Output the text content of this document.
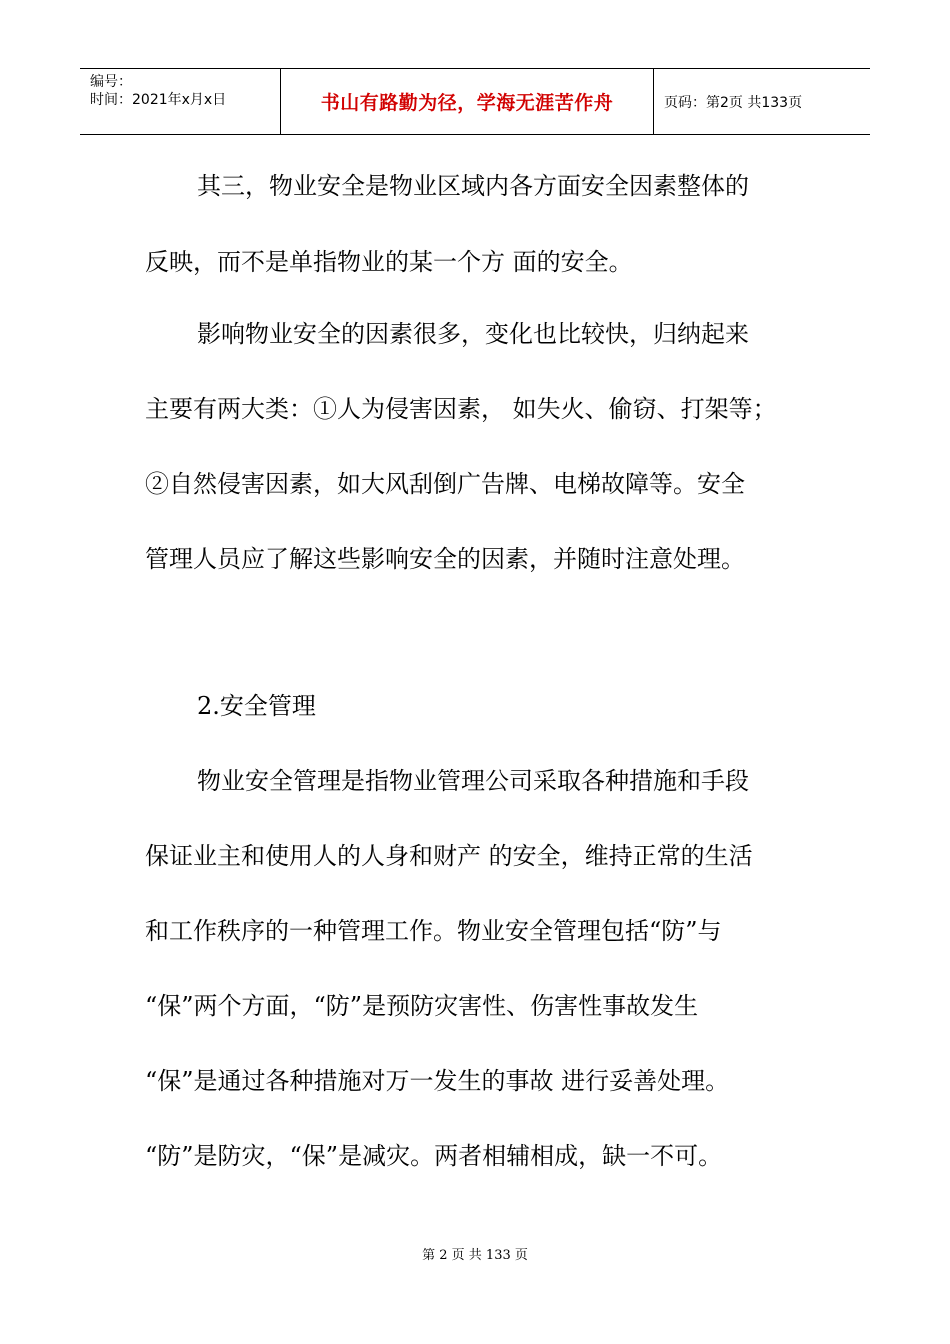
编号：
时间：2021年x月x日	书山有路勤为径，学海无涯苦作舟	页码：第2页 共133页
其三，物业安全是物业区域内各方面安全因素整体的
反映，而不是单指物业的某一个方 面的安全。
影响物业安全的因素很多，变化也比较快，归纳起来
主要有两大类：①人为侵害因素， 如失火、偷窃、打架等；
②自然侵害因素，如大风刮倒广告牌、电梯故障等。安全
管理人员应了解这些影响安全的因素，并随时注意处理。
2.安全管理
物业安全管理是指物业管理公司采取各种措施和手段
保证业主和使用人的人身和财产 的安全，维持正常的生活
和工作秩序的一种管理工作。物业安全管理包括“防”与
“保”两个方面，“防”是预防灾害性、伤害性事故发生
“保”是通过各种措施对万一发生的事故 进行妥善处理。
“防”是防灾，“保”是减灾。两者相辅相成，缺一不可。
第 2 页 共 133 页
